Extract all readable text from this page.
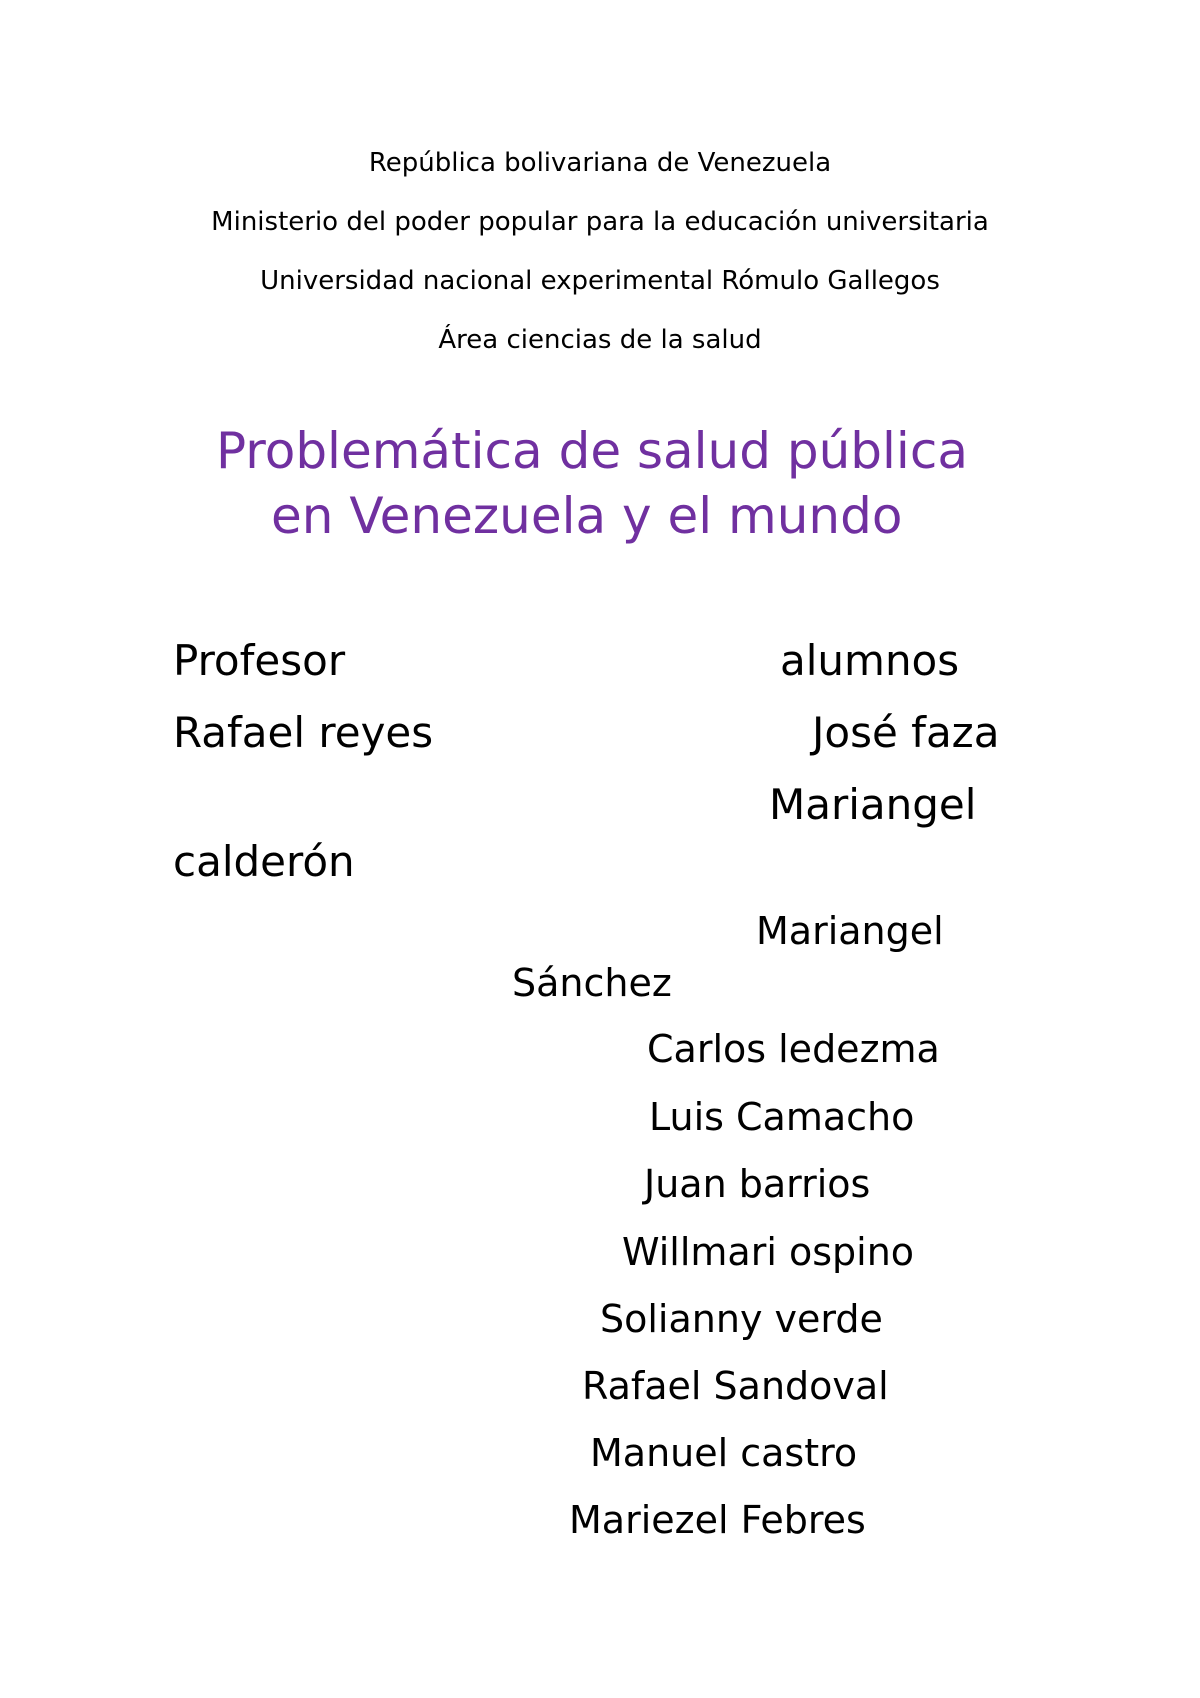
República bolivariana de Venezuela
Ministerio del poder popular para la educación universitaria
Universidad nacional experimental Rómulo Gallegos
Área ciencias de la salud
Problemática de salud pública
en Venezuela y el mundo
Profesor
Rafael reyes
alumnos
José faza
Mariangel
calderón
Mariangel
Sánchez
Carlos ledezma
Luis Camacho
Juan barrios
Willmari ospino
Solianny verde
Rafael Sandoval
Manuel castro
Mariezel Febres
